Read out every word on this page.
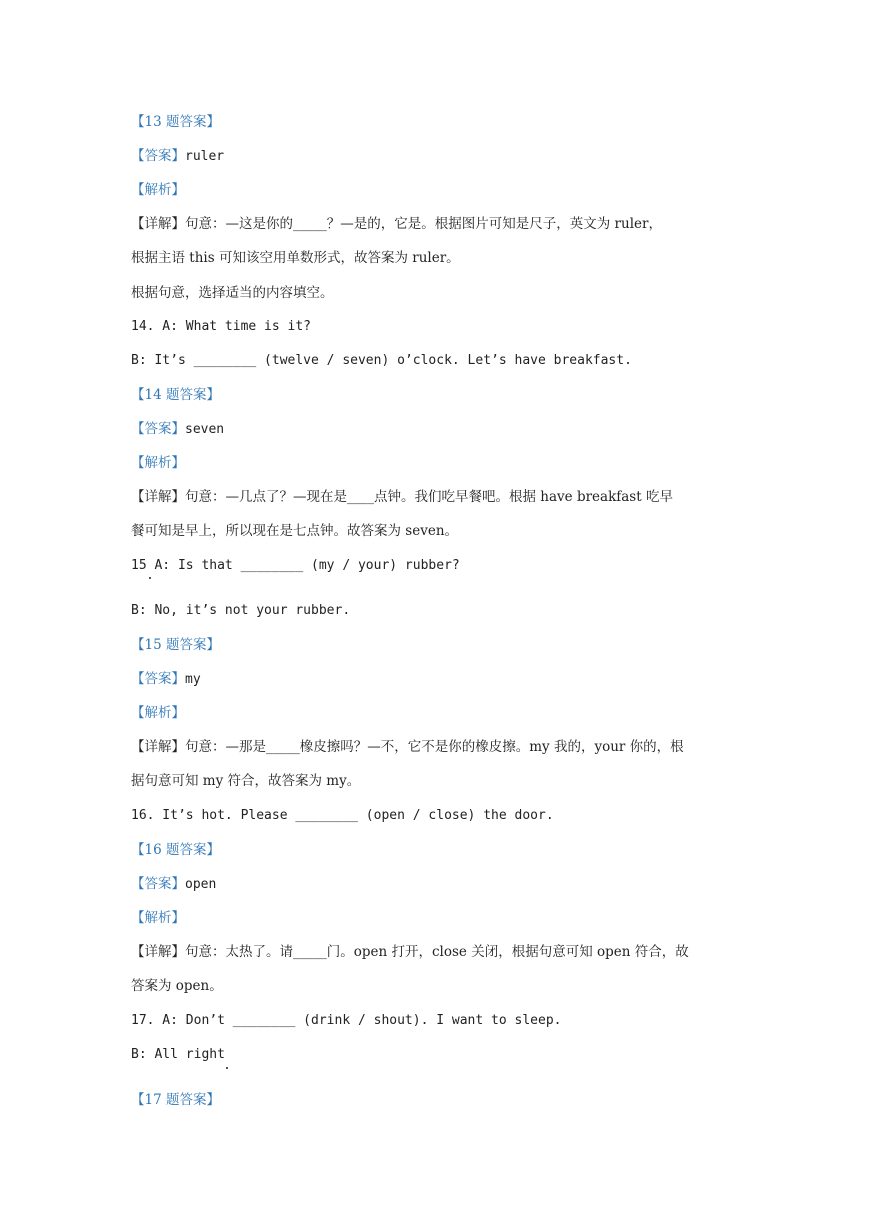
【13 题答案】
【答案】ruler
【解析】
【详解】句意：—这是你的_____？—是的，它是。根据图片可知是尺子，英文为 ruler，
根据主语 this 可知该空用单数形式，故答案为 ruler。
根据句意，选择适当的内容填空。
14. A: What time is it?
B: It’s ________ (twelve / seven) o’clock. Let’s have breakfast.
【14 题答案】
【答案】seven
【解析】
【详解】句意：—几点了？—现在是____点钟。我们吃早餐吧。根据 have breakfast 吃早
餐可知是早上，所以现在是七点钟。故答案为 seven。
15 A: Is that ________ (my / your) rubber?
B: No, it’s not your rubber.
【15 题答案】
【答案】my
【解析】
【详解】句意：—那是_____橡皮擦吗？—不，它不是你的橡皮擦。my 我的，your 你的，根
据句意可知 my 符合，故答案为 my。
16. It’s hot. Please ________ (open / close) the door.
【16 题答案】
【答案】open
【解析】
【详解】句意：太热了。请_____门。open 打开，close 关闭，根据句意可知 open 符合，故
答案为 open。
17. A: Don’t ________ (drink / shout). I want to sleep.
B: All right
【17 题答案】
